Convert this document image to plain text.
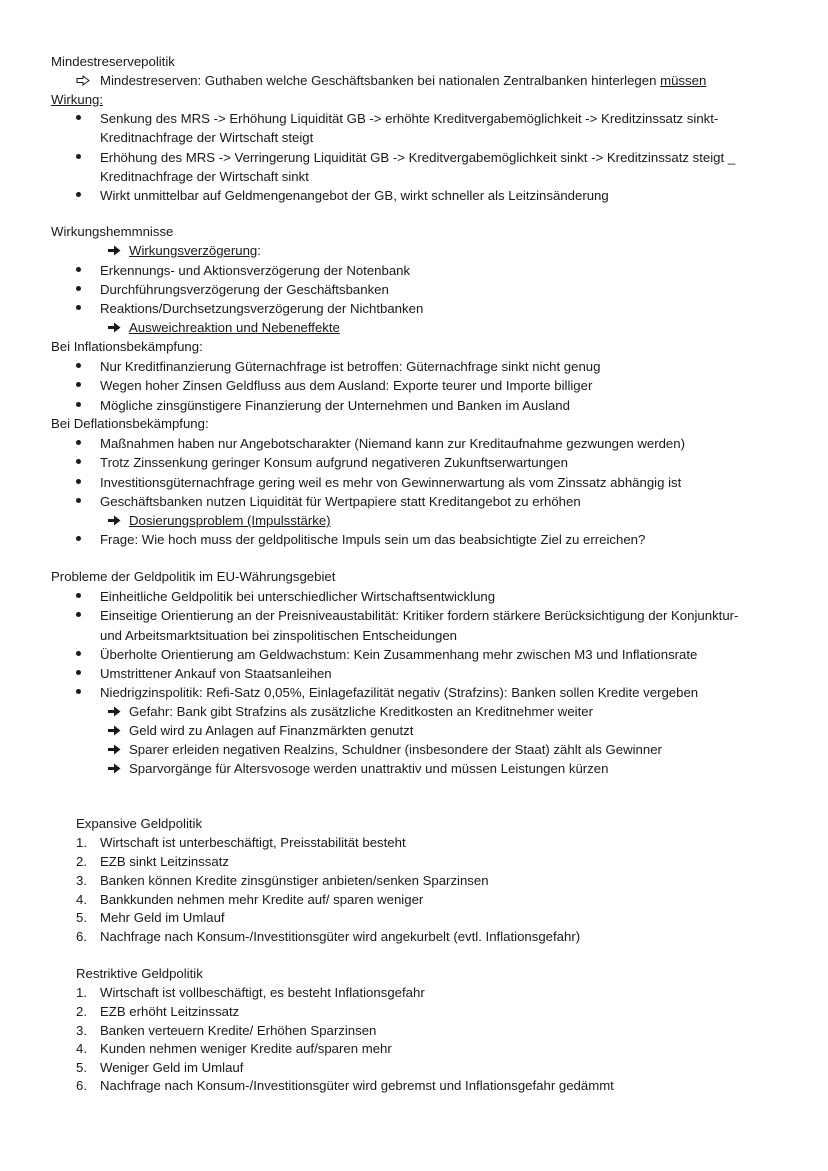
Mindestreservepolitik
Mindestreserven: Guthaben welche Geschäftsbanken bei nationalen Zentralbanken hinterlegen müssen
Wirkung:
Senkung des MRS -> Erhöhung Liquidität GB -> erhöhte Kreditvergabemöglichkeit -> Kreditzinssatz sinkt-
Kreditnachfrage der Wirtschaft steigt
Erhöhung des MRS -> Verringerung Liquidität GB -> Kreditvergabemöglichkeit sinkt -> Kreditzinssatz steigt _
Kreditnachfrage der Wirtschaft sinkt
Wirkt unmittelbar auf Geldmengenangebot der GB, wirkt schneller als Leitzinsänderung
Wirkungshemmnisse
Wirkungsverzögerung:
Erkennungs- und Aktionsverzögerung der Notenbank
Durchführungsverzögerung der Geschäftsbanken
Reaktions/Durchsetzungsverzögerung der Nichtbanken
Ausweichreaktion und Nebeneffekte
Bei Inflationsbekämpfung:
Nur Kreditfinanzierung Güternachfrage ist betroffen: Güternachfrage sinkt nicht genug
Wegen hoher Zinsen Geldfluss aus dem Ausland: Exporte teurer und Importe billiger
Mögliche zinsgünstigere Finanzierung der Unternehmen und Banken im Ausland
Bei Deflationsbekämpfung:
Maßnahmen haben nur Angebotscharakter (Niemand kann zur Kreditaufnahme gezwungen werden)
Trotz Zinssenkung geringer Konsum aufgrund negativeren Zukunftserwartungen
Investitionsgüternachfrage gering weil es mehr von Gewinnerwartung als vom Zinssatz abhängig ist
Geschäftsbanken nutzen Liquidität für Wertpapiere statt Kreditangebot zu erhöhen
Dosierungsproblem (Impulsstärke)
Frage: Wie hoch muss der geldpolitische Impuls sein um das beabsichtigte Ziel zu erreichen?
Probleme der Geldpolitik im EU-Währungsgebiet
Einheitliche Geldpolitik bei unterschiedlicher Wirtschaftsentwicklung
Einseitige Orientierung an der Preisniveaustabilität: Kritiker fordern stärkere Berücksichtigung der Konjunktur-
und Arbeitsmarktsituation bei zinspolitischen Entscheidungen
Überholte Orientierung am Geldwachstum: Kein Zusammenhang mehr zwischen M3 und Inflationsrate
Umstrittener Ankauf von Staatsanleihen
Niedrigzinspolitik: Refi-Satz 0,05%, Einlagefazilität negativ (Strafzins): Banken sollen Kredite vergeben
Gefahr: Bank gibt Strafzins als zusätzliche Kreditkosten an Kreditnehmer weiter
Geld wird zu Anlagen auf Finanzmärkten genutzt
Sparer erleiden negativen Realzins, Schuldner (insbesondere der Staat) zählt als Gewinner
Sparvorgänge für Altersvosoge werden unattraktiv und müssen Leistungen kürzen
Expansive Geldpolitik
1. Wirtschaft ist unterbeschäftigt, Preisstabilität besteht
2. EZB sinkt Leitzinssatz
3. Banken können Kredite zinsgünstiger anbieten/senken Sparzinsen
4. Bankkunden nehmen mehr Kredite auf/ sparen weniger
5. Mehr Geld im Umlauf
6. Nachfrage nach Konsum-/Investitionsgüter wird angekurbelt (evtl. Inflationsgefahr)
Restriktive Geldpolitik
1. Wirtschaft ist vollbeschäftigt, es besteht Inflationsgefahr
2. EZB erhöht Leitzinssatz
3. Banken verteuern Kredite/ Erhöhen Sparzinsen
4. Kunden nehmen weniger Kredite auf/sparen mehr
5. Weniger Geld im Umlauf
6. Nachfrage nach Konsum-/Investitionsgüter wird gebremst und Inflationsgefahr gedämmt
